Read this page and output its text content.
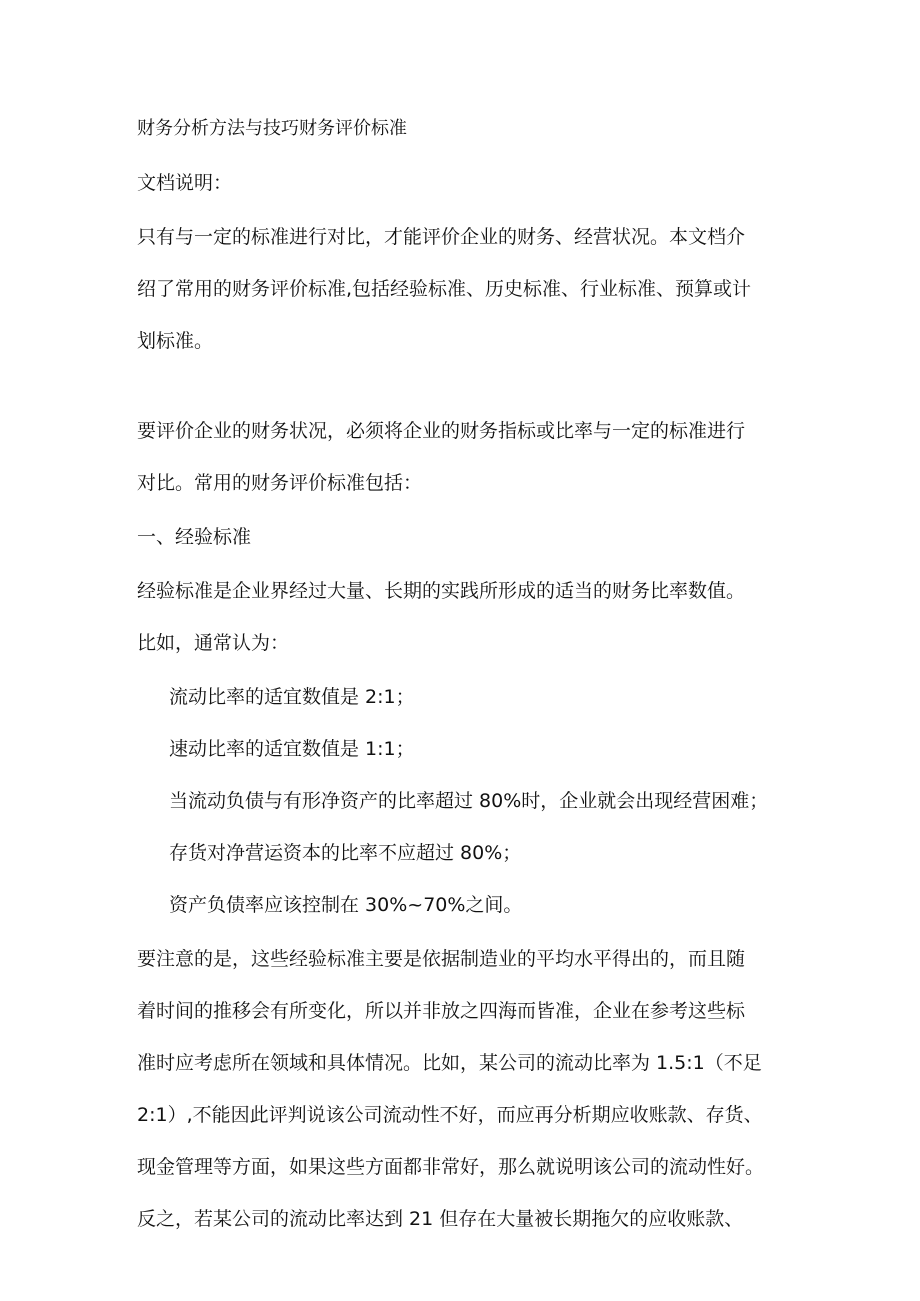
财务分析方法与技巧财务评价标准

文档说明：

只有与一定的标准进行对比，才能评价企业的财务、经营状况。本文档介

绍了常用的财务评价标准,包括经验标准、历史标准、行业标准、预算或计

划标准。

要评价企业的财务状况，必须将企业的财务指标或比率与一定的标准进行

对比。常用的财务评价标准包括：

一、经验标准

经验标准是企业界经过大量、长期的实践所形成的适当的财务比率数值。

比如，通常认为：

流动比率的适宜数值是 2:1；

速动比率的适宜数值是 1:1；

当流动负债与有形净资产的比率超过 80%时，企业就会出现经营困难；

存货对净营运资本的比率不应超过 80%；

资产负债率应该控制在 30%~70%之间。

要注意的是，这些经验标准主要是依据制造业的平均水平得出的，而且随

着时间的推移会有所变化，所以并非放之四海而皆准，企业在参考这些标

准时应考虑所在领域和具体情况。比如，某公司的流动比率为 1.5:1（不足

2:1）,不能因此评判说该公司流动性不好，而应再分析期应收账款、存货、

现金管理等方面，如果这些方面都非常好，那么就说明该公司的流动性好。

反之，若某公司的流动比率达到 21 但存在大量被长期拖欠的应收账款、
